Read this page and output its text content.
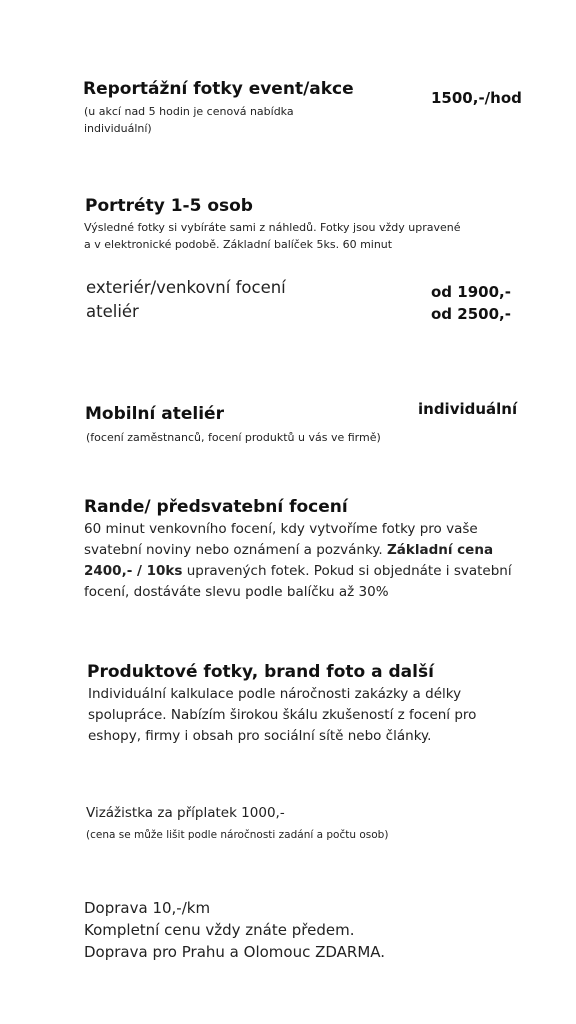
Reportážní fotky event/akce

(u akcí nad 5 hodin je cenová nabídka

individuální)

1500,-/hod

Portréty 1-5 osob

Výsledné fotky si vybíráte sami z náhledů. Fotky jsou vždy upravené

a v elektronické podobě. Základní balíček 5ks. 60 minut

exteriér/venkovní focení

ateliér

od 1900,-

od 2500,-

Mobilní ateliér

(focení zaměstnanců, focení produktů u vás ve firmě)

individuální

Rande/ předsvatební focení

60 minut venkovního focení, kdy vytvoříme fotky pro vaše

svatební noviny nebo oznámení a pozvánky. Základní cena

2400,- / 10ks upravených fotek. Pokud si objednáte i svatební

focení, dostáváte slevu podle balíčku až 30%

Produktové fotky, brand foto a další

Individuální kalkulace podle náročnosti zakázky a délky

spolupráce. Nabízím širokou škálu zkušeností z focení pro

eshopy, firmy i obsah pro sociální sítě nebo články.

Vizážistka za příplatek 1000,-

(cena se může lišit podle náročnosti zadání a počtu osob)

Doprava 10,-/km

Kompletní cenu vždy znáte předem.

Doprava pro Prahu a Olomouc ZDARMA.
